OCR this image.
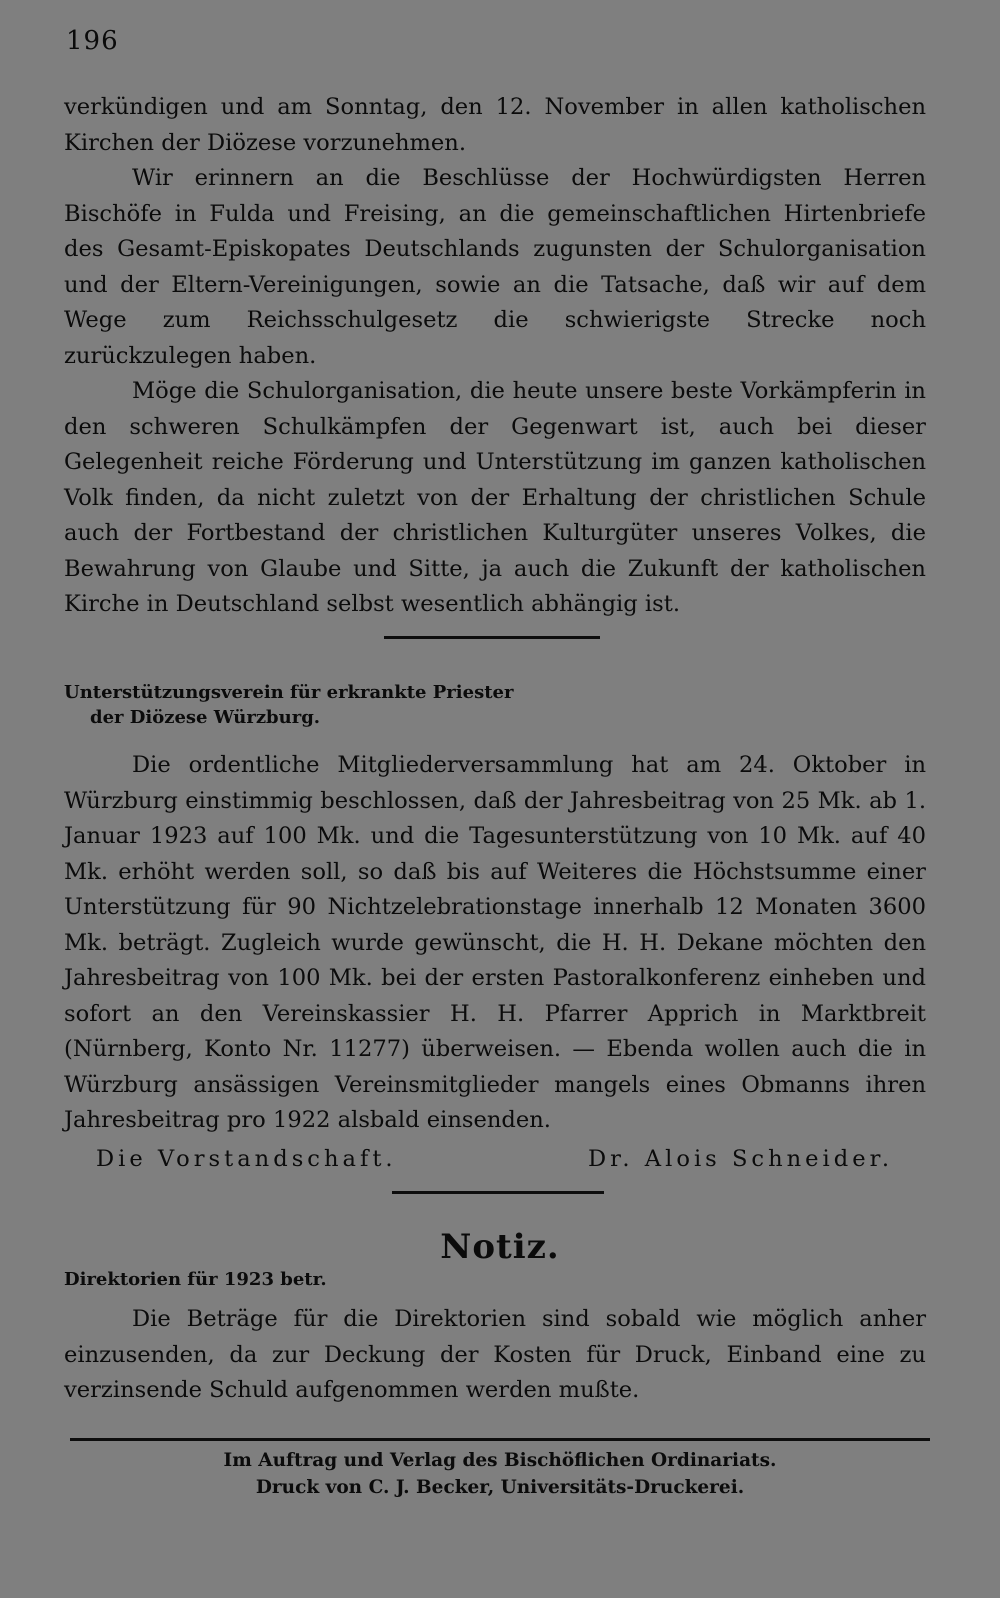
196

verkündigen und am Sonntag, den 12. November in allen katholischen Kirchen der Diözese vorzunehmen.

Wir erinnern an die Beschlüsse der Hochwürdigsten Herren Bischöfe in Fulda und Freising, an die gemeinschaftlichen Hirtenbriefe des Gesamt-Episkopates Deutschlands zugunsten der Schulorganisation und der Eltern-Vereinigungen, sowie an die Tatsache, daß wir auf dem Wege zum Reichsschulgesetz die schwierigste Strecke noch zurückzulegen haben.

Möge die Schulorganisation, die heute unsere beste Vorkämpferin in den schweren Schulkämpfen der Gegenwart ist, auch bei dieser Gelegenheit reiche Förderung und Unterstützung im ganzen katholischen Volk finden, da nicht zuletzt von der Erhaltung der christlichen Schule auch der Fortbestand der christlichen Kulturgüter unseres Volkes, die Bewahrung von Glaube und Sitte, ja auch die Zukunft der katholischen Kirche in Deutschland selbst wesentlich abhängig ist.

Unterstützungsverein für erkrankte Priester
der Diözese Würzburg.

Die ordentliche Mitgliederversammlung hat am 24. Oktober in Würzburg einstimmig beschlossen, daß der Jahresbeitrag von 25 Mk. ab 1. Januar 1923 auf 100 Mk. und die Tagesunterstützung von 10 Mk. auf 40 Mk. erhöht werden soll, so daß bis auf Weiteres die Höchstsumme einer Unterstützung für 90 Nichtzelebrationstage innerhalb 12 Monaten 3600 Mk. beträgt. Zugleich wurde gewünscht, die H. H. Dekane möchten den Jahresbeitrag von 100 Mk. bei der ersten Pastoralkonferenz einheben und sofort an den Vereinskassier H. H. Pfarrer Apprich in Marktbreit (Nürnberg, Konto Nr. 11277) überweisen. — Ebenda wollen auch die in Würzburg ansässigen Vereinsmitglieder mangels eines Obmanns ihren Jahresbeitrag pro 1922 alsbald einsenden.

Die Vorstandschaft.	Dr. Alois Schneider.
Notiz.
Direktorien für 1923 betr.

Die Beträge für die Direktorien sind sobald wie möglich anher einzusenden, da zur Deckung der Kosten für Druck, Einband eine zu verzinsende Schuld aufgenommen werden mußte.

Im Auftrag und Verlag des Bischöflichen Ordinariats.
Druck von C. J. Becker, Universitäts-Druckerei.
